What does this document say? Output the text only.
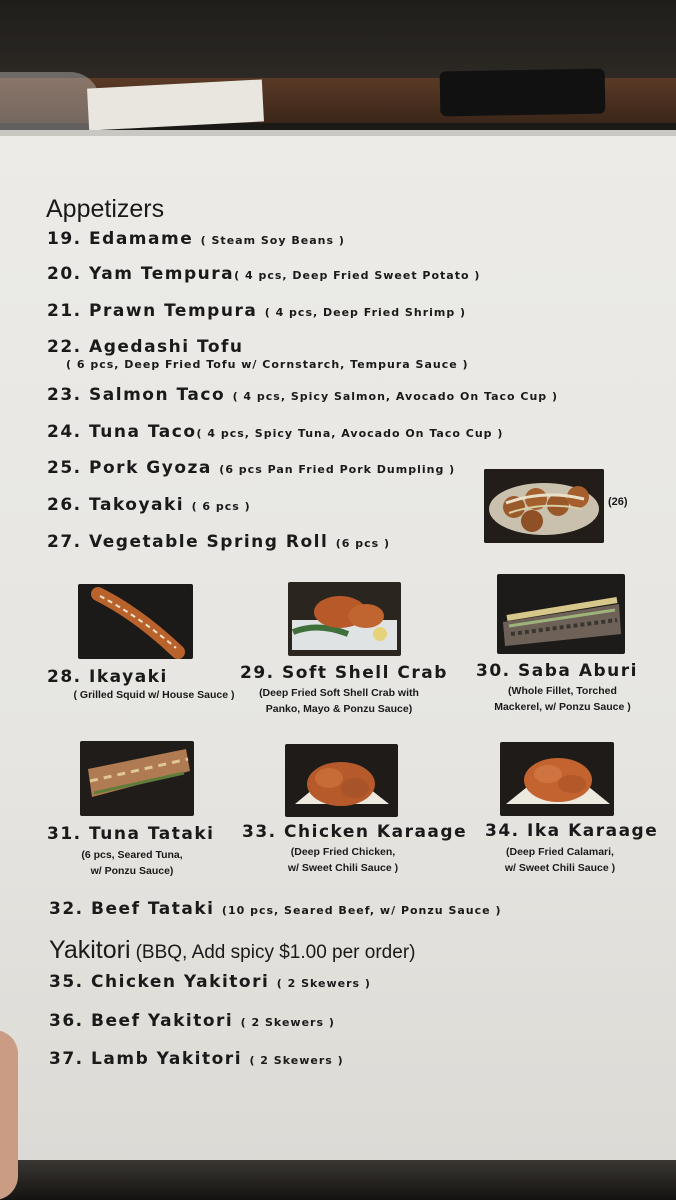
Appetizers
19. Edamame ( Steam Soy Beans )
20. Yam Tempura( 4 pcs, Deep Fried Sweet Potato )
21. Prawn Tempura ( 4 pcs, Deep Fried Shrimp )
22. Agedashi Tofu
( 6 pcs, Deep Fried Tofu w/ Cornstarch, Tempura Sauce )
23. Salmon Taco ( 4 pcs, Spicy Salmon, Avocado On Taco Cup )
24. Tuna Taco( 4 pcs, Spicy Tuna, Avocado On Taco Cup )
25. Pork Gyoza (6 pcs Pan Fried Pork Dumpling )
26. Takoyaki ( 6 pcs )
27. Vegetable Spring Roll (6 pcs )
(26)
28. Ikayaki
( Grilled Squid w/ House Sauce )
29. Soft Shell Crab
(Deep Fried Soft Shell Crab with
Panko, Mayo & Ponzu Sauce)
30. Saba Aburi
(Whole Fillet, Torched
Mackerel, w/ Ponzu Sauce )
31. Tuna Tataki
(6 pcs, Seared Tuna,
w/ Ponzu Sauce)
33. Chicken Karaage
(Deep Fried Chicken,
w/ Sweet Chili Sauce )
34. Ika Karaage
(Deep Fried Calamari,
w/ Sweet Chili Sauce )
32. Beef Tataki (10 pcs, Seared Beef, w/ Ponzu Sauce )
Yakitori (BBQ, Add spicy $1.00 per order)
35. Chicken Yakitori ( 2 Skewers )
36. Beef Yakitori ( 2 Skewers )
37. Lamb Yakitori ( 2 Skewers )
